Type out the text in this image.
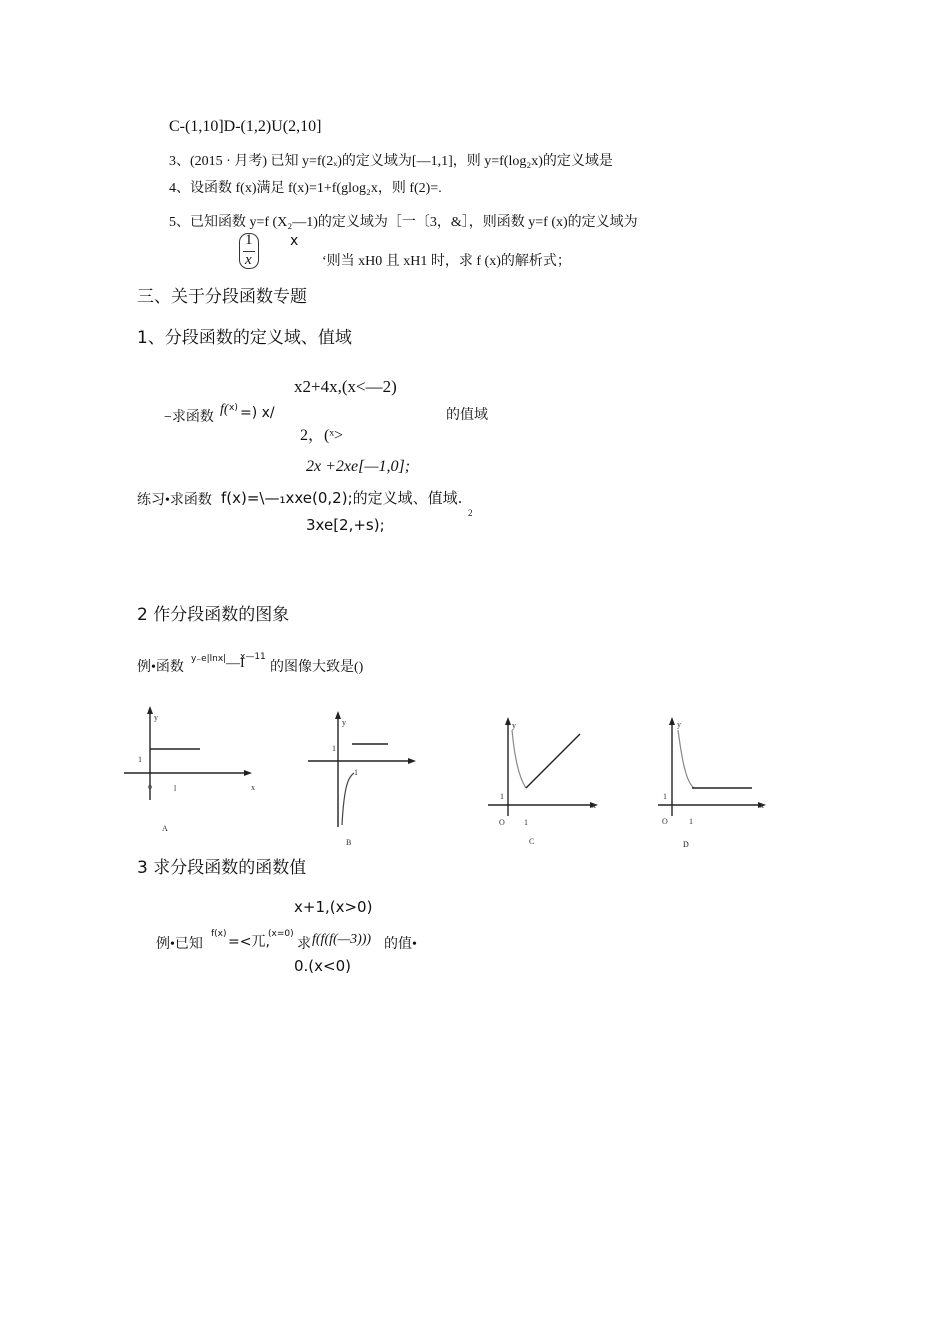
C-(1,10]D-(1,2)U(2,10]
3、(2015 · 月考) 已知 y=f(2ₓ)的定义域为[—1,1]，则 y=f(log₂x)的定义域是
4、设函数 f(x)满足 f(x)=1+f(glog₂x，则 f(2)=.
5、已知函数 y=f (X₂—1)的定义域为［一〔3，&］，则函数 y=f (x)的定义域为
1
x
x
‘则当 xH0 且 xH1 时，求 f (x)的解析式；
三、关于分段函数专题
1、分段函数的定义域、值域
x2+4x,(x<—2)
−求函数
f( x) =) x/
2，(ˣ>
的值域
2x +2xe[—1,0];
练习•求函数 f(x)=\—₁xxe(0,2);的定义域、值域.
2
3xe[2,+s);
2 作分段函数的图象
例•函数
y₋e|lnx| —I
x—11
的图像大致是()
y
x
1
o	l
A
y
1
1
B
y
x
1
O 1
C
y
x
1
O	1
D
3 求分段函数的函数值
x+1,(x>0)
例•已知
f(x) =<兀,
(x=0)
求 f(f(f(—3))) 的值•
0.(x<0)
